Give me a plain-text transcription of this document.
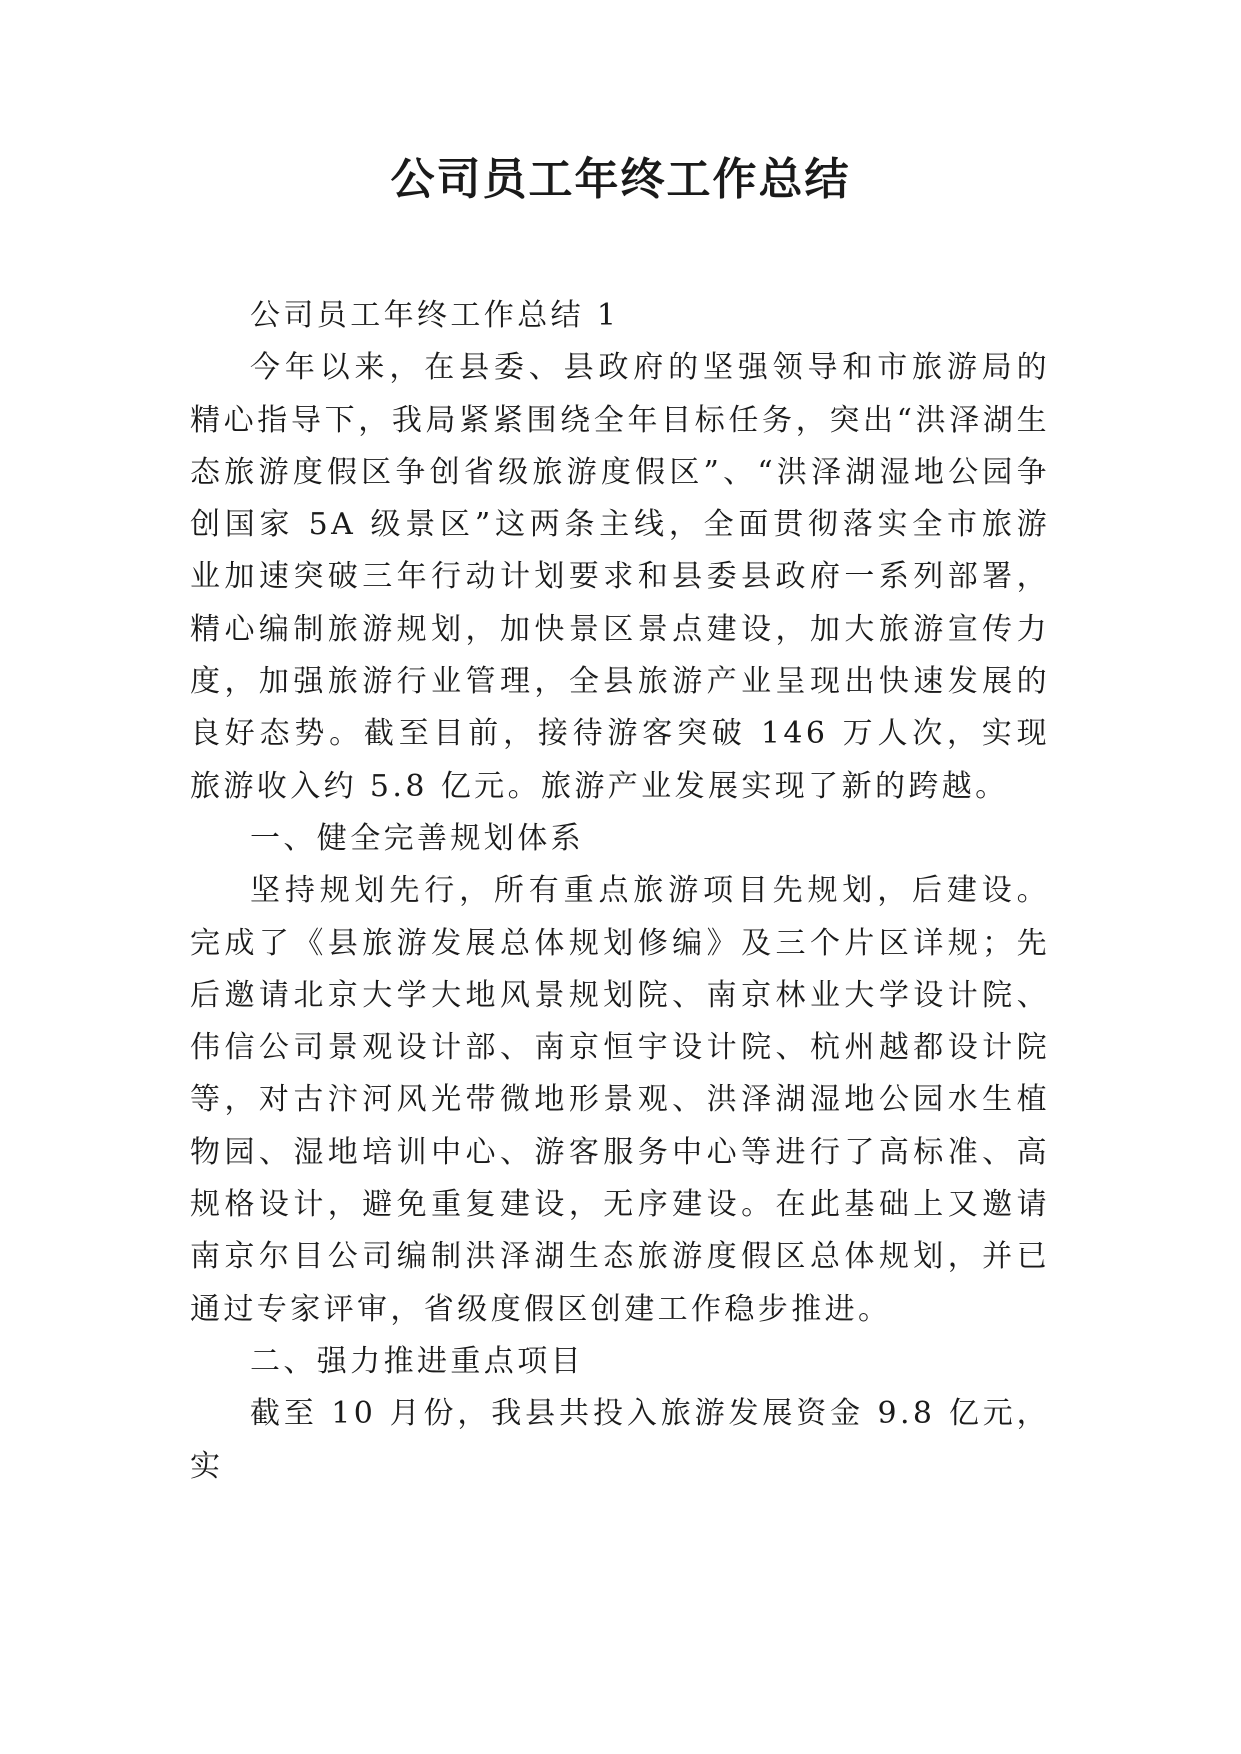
公司员工年终工作总结

公司员工年终工作总结 1

今年以来，在县委、县政府的坚强领导和市旅游局的精心指导下，我局紧紧围绕全年目标任务，突出“洪泽湖生态旅游度假区争创省级旅游度假区”、“洪泽湖湿地公园争创国家 5A 级景区”这两条主线，全面贯彻落实全市旅游业加速突破三年行动计划要求和县委县政府一系列部署，精心编制旅游规划，加快景区景点建设，加大旅游宣传力度，加强旅游行业管理，全县旅游产业呈现出快速发展的良好态势。截至目前，接待游客突破 146 万人次，实现旅游收入约 5.8 亿元。旅游产业发展实现了新的跨越。

一、健全完善规划体系

坚持规划先行，所有重点旅游项目先规划，后建设。完成了《县旅游发展总体规划修编》及三个片区详规；先后邀请北京大学大地风景规划院、南京林业大学设计院、伟信公司景观设计部、南京恒宇设计院、杭州越都设计院等，对古汴河风光带微地形景观、洪泽湖湿地公园水生植物园、湿地培训中心、游客服务中心等进行了高标准、高规格设计，避免重复建设，无序建设。在此基础上又邀请南京尔目公司编制洪泽湖生态旅游度假区总体规划，并已通过专家评审，省级度假区创建工作稳步推进。

二、强力推进重点项目

截至 10 月份，我县共投入旅游发展资金 9.8 亿元，实
